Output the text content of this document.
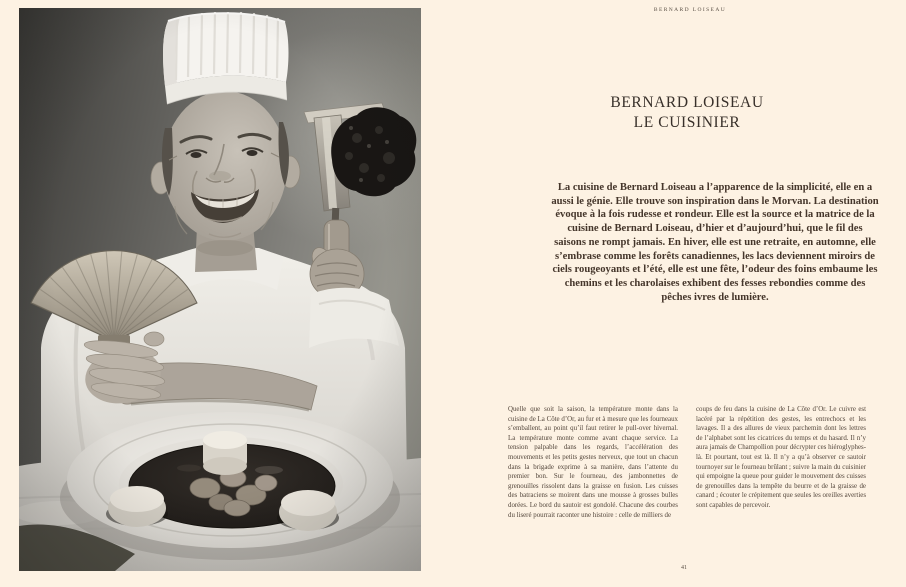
BERNARD LOISEAU
BERNARD LOISEAU
LE CUISINIER

La cuisine de Bernard Loiseau a l’apparence de la simplicité, elle en a aussi le génie. Elle trouve son inspiration dans le Morvan. La destination évoque à la fois rudesse et rondeur. Elle est la source et la matrice de la cuisine de Bernard Loiseau, d’hier et d’aujourd’hui, que le fil des saisons ne rompt jamais. En hiver, elle est une retraite, en automne, elle s’embrase comme les forêts canadiennes, les lacs deviennent miroirs de ciels rougeoyants et l’été, elle est une fête, l’odeur des foins embaume les chemins et les charolaises exhibent des fesses rebondies comme des pêches ivres de lumière.

Quelle que soit la saison, la température monte dans la cuisine de La Côte d’Or, au fur et à mesure que les fourneaux s’emballent, au point qu’il faut retirer le pull-over hivernal. La température monte comme avant chaque service. La tension palpable dans les regards, l’accélération des mouvements et les petits gestes nerveux, que tout un chacun dans la brigade exprime à sa manière, dans l’attente du premier bon. Sur le fourneau, des jambonnettes de grenouilles rissolent dans la graisse en fusion. Les cuisses des batraciens se moirent dans une mousse à grosses bulles dorées. Le bord du sautoir est gondolé. Chacune des courbes du liseré pourrait raconter une histoire : celle de milliers de

coups de feu dans la cuisine de La Côte d’Or. Le cuivre est lacéré par la répétition des gestes, les entrechocs et les lavages. Il a des allures de vieux parchemin dont les lettres de l’alphabet sont les cicatrices du temps et du hasard. Il n’y aura jamais de Champollion pour décrypter ces hiéroglyphes-là. Et pourtant, tout est là. Il n’y a qu’à observer ce sautoir tournoyer sur le fourneau brûlant ; suivre la main du cuisinier qui empoigne la queue pour guider le mouvement des cuisses de grenouilles dans la tempête du beurre et de la graisse de canard ; écouter le crépitement que seules les oreilles averties sont capables de percevoir.

41
